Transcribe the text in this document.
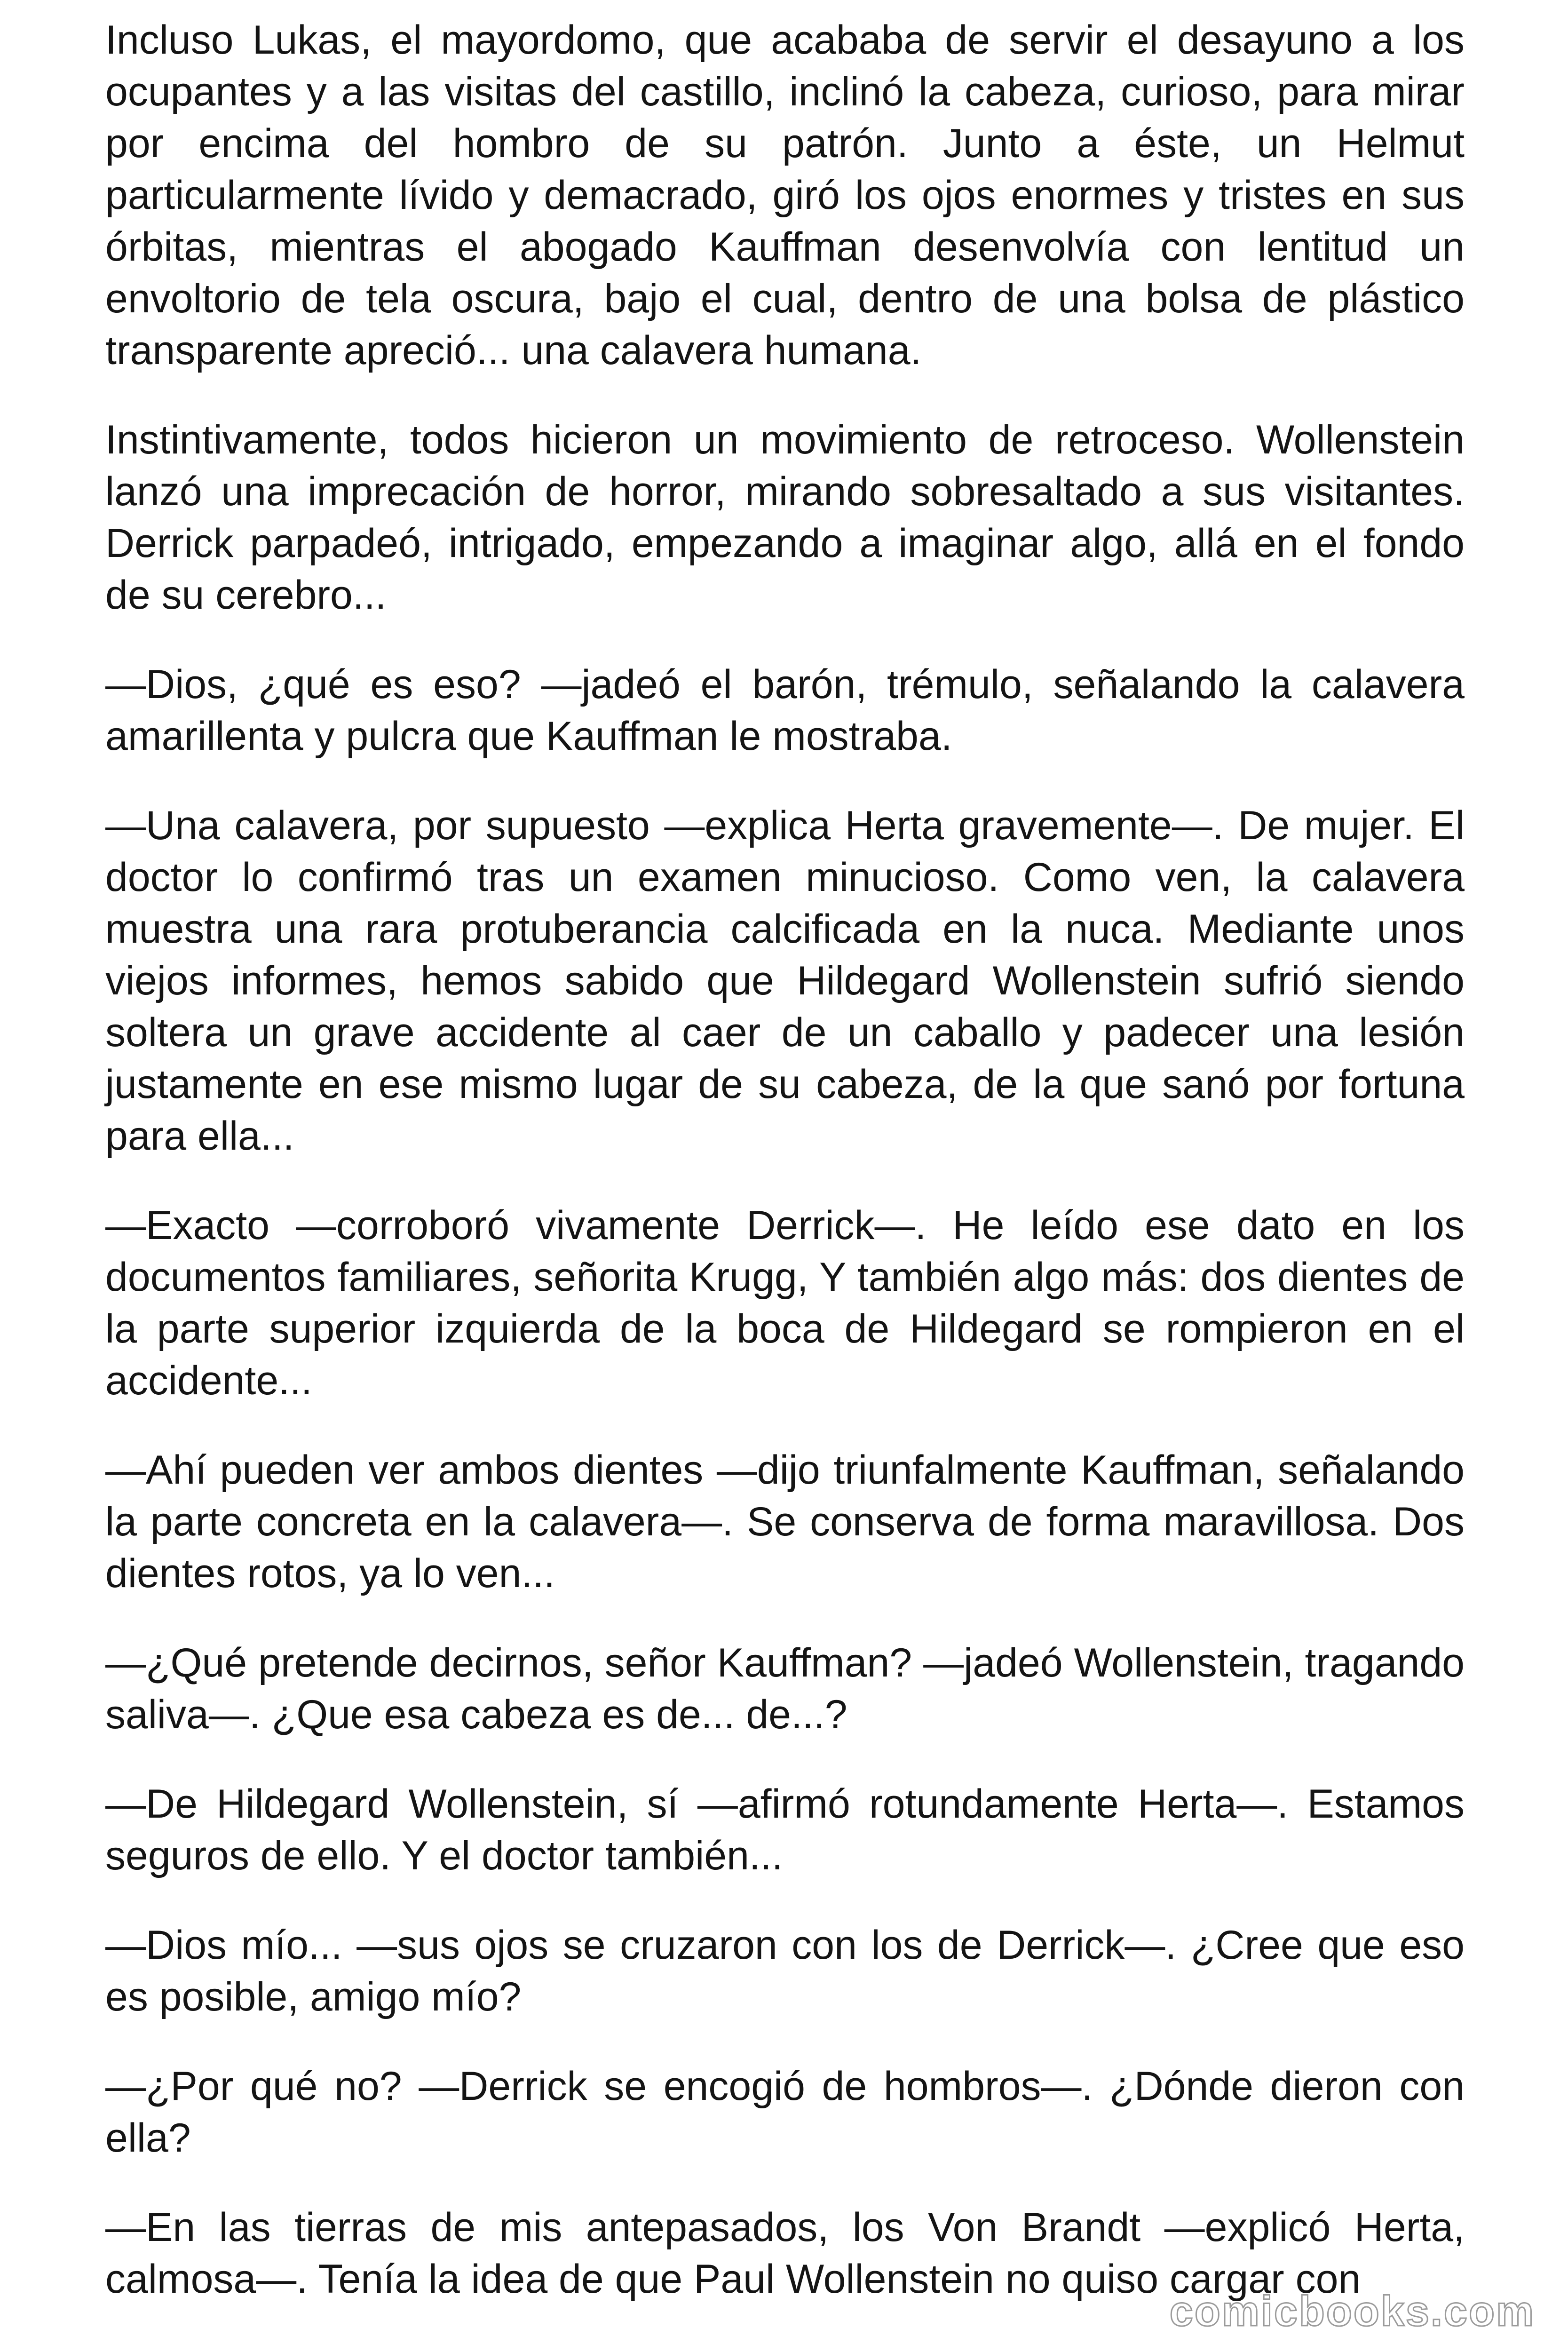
Incluso Lukas, el mayordomo, que acababa de servir el desayuno a los ocupantes y a las visitas del castillo, inclinó la cabeza, curioso, para mirar por encima del hombro de su patrón. Junto a éste, un Helmut particularmente lívido y demacrado, giró los ojos enormes y tristes en sus órbitas, mientras el abogado Kauffman desenvolvía con lentitud un envoltorio de tela oscura, bajo el cual, dentro de una bolsa de plástico transparente apreció... una calavera humana.

Instintivamente, todos hicieron un movimiento de retroceso. Wollenstein lanzó una imprecación de horror, mirando sobresaltado a sus visitantes. Derrick parpadeó, intrigado, empezando a imaginar algo, allá en el fondo de su cerebro...

—Dios, ¿qué es eso? —jadeó el barón, trémulo, señalando la calavera amarillenta y pulcra que Kauffman le mostraba.

—Una calavera, por supuesto —explica Herta gravemente—. De mujer. El doctor lo confirmó tras un examen minucioso. Como ven, la calavera muestra una rara protuberancia calcificada en la nuca. Mediante unos viejos informes, hemos sabido que Hildegard Wollenstein sufrió siendo soltera un grave accidente al caer de un caballo y padecer una lesión justamente en ese mismo lugar de su cabeza, de la que sanó por fortuna para ella...

—Exacto —corroboró vivamente Derrick—. He leído ese dato en los documentos familiares, señorita Krugg, Y también algo más: dos dientes de la parte superior izquierda de la boca de Hildegard se rompieron en el accidente...

—Ahí pueden ver ambos dientes —dijo triunfalmente Kauffman, señalando la parte concreta en la calavera—. Se conserva de forma maravillosa. Dos dientes rotos, ya lo ven...

—¿Qué pretende decirnos, señor Kauffman? —jadeó Wollenstein, tragando saliva—. ¿Que esa cabeza es de... de...?

—De Hildegard Wollenstein, sí —afirmó rotundamente Herta—. Estamos seguros de ello. Y el doctor también...

—Dios mío... —sus ojos se cruzaron con los de Derrick—. ¿Cree que eso es posible, amigo mío?

—¿Por qué no? —Derrick se encogió de hombros—. ¿Dónde dieron con ella?

—En las tierras de mis antepasados, los Von Brandt —explicó Herta, calmosa—. Tenía la idea de que Paul Wollenstein no quiso cargar con

comicbooks.com
